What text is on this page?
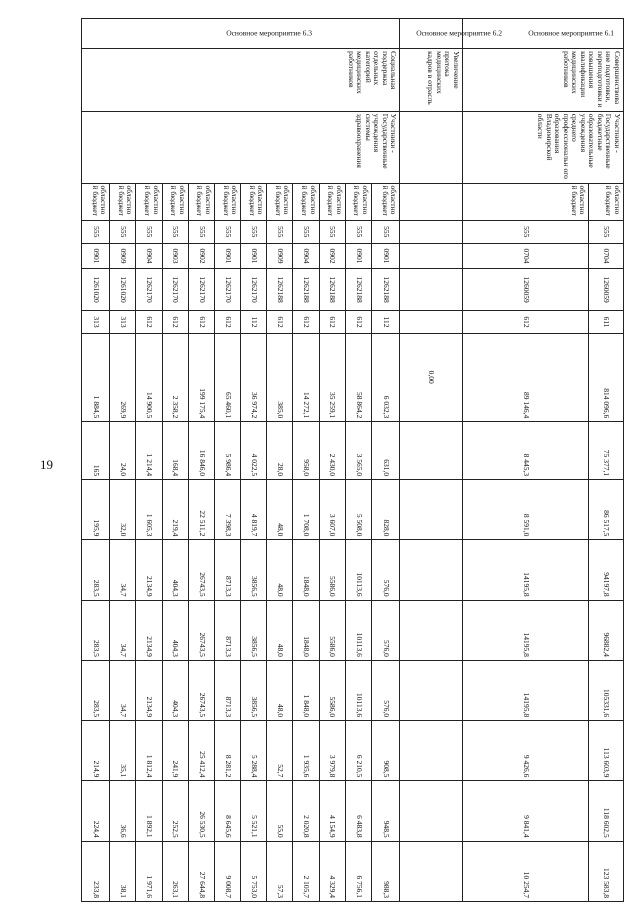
19
Основное мероприятие 6.1	Совершенствова ние подготовки, переподготовки и повышения квалификации медицинских работников	Участники - Государственные бюджетные образовательные учреждения среднего профессиональн ого образования Владимирской области	областно й бюджет	555	0704	1260059	611	814 096,6	75 377,1	86 517,5	94197,8	96882,4	105331,6	113 603,9	118 602,5	123 583,8
			областно й бюджет	555	0704	1260059	612	89 146,4	8 445,3	8 591,0	14195,8	14195,8	14195,8	9 426,6	9 841,4	10 254,7

Основное мероприятие 6.2	Увеличение притока медицинских кадров в отрасль							0,00								

Основное мероприятие 6.3	Социальная поддержка отдельных категорий медицинских работников	Участники - Государственные учреждения системы здравоохранения	областно й бюджет	555	0901	1262188	112	6 032,3	631,0	828,0	576,0	576,0	576,0	908,5	948,5	988,3
			областно й бюджет	555	0901	1262188	612	58 864,2	3 565,0	5 508,0	10113,6	10113,6	10113,6	6 210,5	6 483,8	6 756,1
			областно й бюджет	555	0902	1262188	612	35 259,1	2 430,0	3 607,0	5586,0	5586,0	5586,0	3 979,8	4 154,9	4 329,4
			областно й бюджет	555	0904	1262188	612	14 272,1	958,0	1 708,0	1848,0	1848,0	1 848,0	1 935,6	2 020,8	2 105,7
			областно й бюджет	555	0909	1262188	612	385,0	28,0	48,0	48,0	48,0	48,0	52,7	55,0	57,3
			областно й бюджет	555	0901	1262170	112	36 974,2	4 022,5	4 819,7	3856,5	3856,5	3856,5	5 288,4	5 521,1	5 753,0
			областно й бюджет	555	0901	1262170	612	65 460,1	5 986,4	7 398,3	8713,3	8713,3	8713,3	8 281,2	8 645,6	9 008,7
			областно й бюджет	555	0902	1262170	612	199 175,4	16 846,0	22 511,2	26743,5	26743,5	26743,5	25 412,4	26 530,5	27 644,8
			областно й бюджет	555	0903	1262170	612	2 358,2	168,4	219,4	404,3	404,3	404,3	241,9	252,5	263,1
			областно й бюджет	555	0904	1262170	612	14 900,5	1 214,4	1 605,3	2134,9	2134,9	2134,9	1 812,4	1 892,1	1 971,6
			областно й бюджет	555	0909	1261020	313	269,9	24,0	32,0	34,7	34,7	34,7	35,1	36,6	38,1
			областно й бюджет	555	0901	1261020	313	1 884,5	165	195,9	283,5	283,5	283,5	214,9	224,4	233,8
